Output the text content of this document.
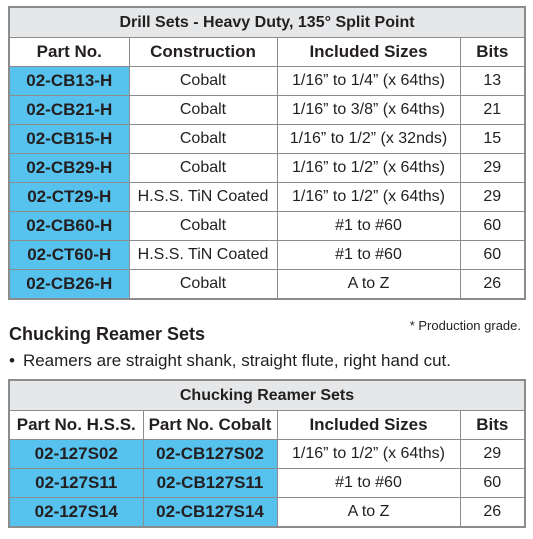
Drill Sets - Heavy Duty, 135° Split Point			
Part No.	Construction	Included Sizes	Bits
02-CB13-H	Cobalt	1/16” to 1/4” (x 64ths)	13
02-CB21-H	Cobalt	1/16” to 3/8” (x 64ths)	21
02-CB15-H	Cobalt	1/16” to 1/2” (x 32nds)	15
02-CB29-H	Cobalt	1/16” to 1/2” (x 64ths)	29
02-CT29-H	H.S.S. TiN Coated	1/16” to 1/2” (x 64ths)	29
02-CB60-H	Cobalt	#1 to #60	60
02-CT60-H	H.S.S. TiN Coated	#1 to #60	60
02-CB26-H	Cobalt	A to Z	26
Chucking Reamer Sets	* Production grade.
• Reamers are straight shank, straight flute, right hand cut.
Chucking Reamer Sets			
Part No. H.S.S.	Part No. Cobalt	Included Sizes	Bits
02-127S02	02-CB127S02	1/16” to 1/2” (x 64ths)	29
02-127S11	02-CB127S11	#1 to #60	60
02-127S14	02-CB127S14	A to Z	26
